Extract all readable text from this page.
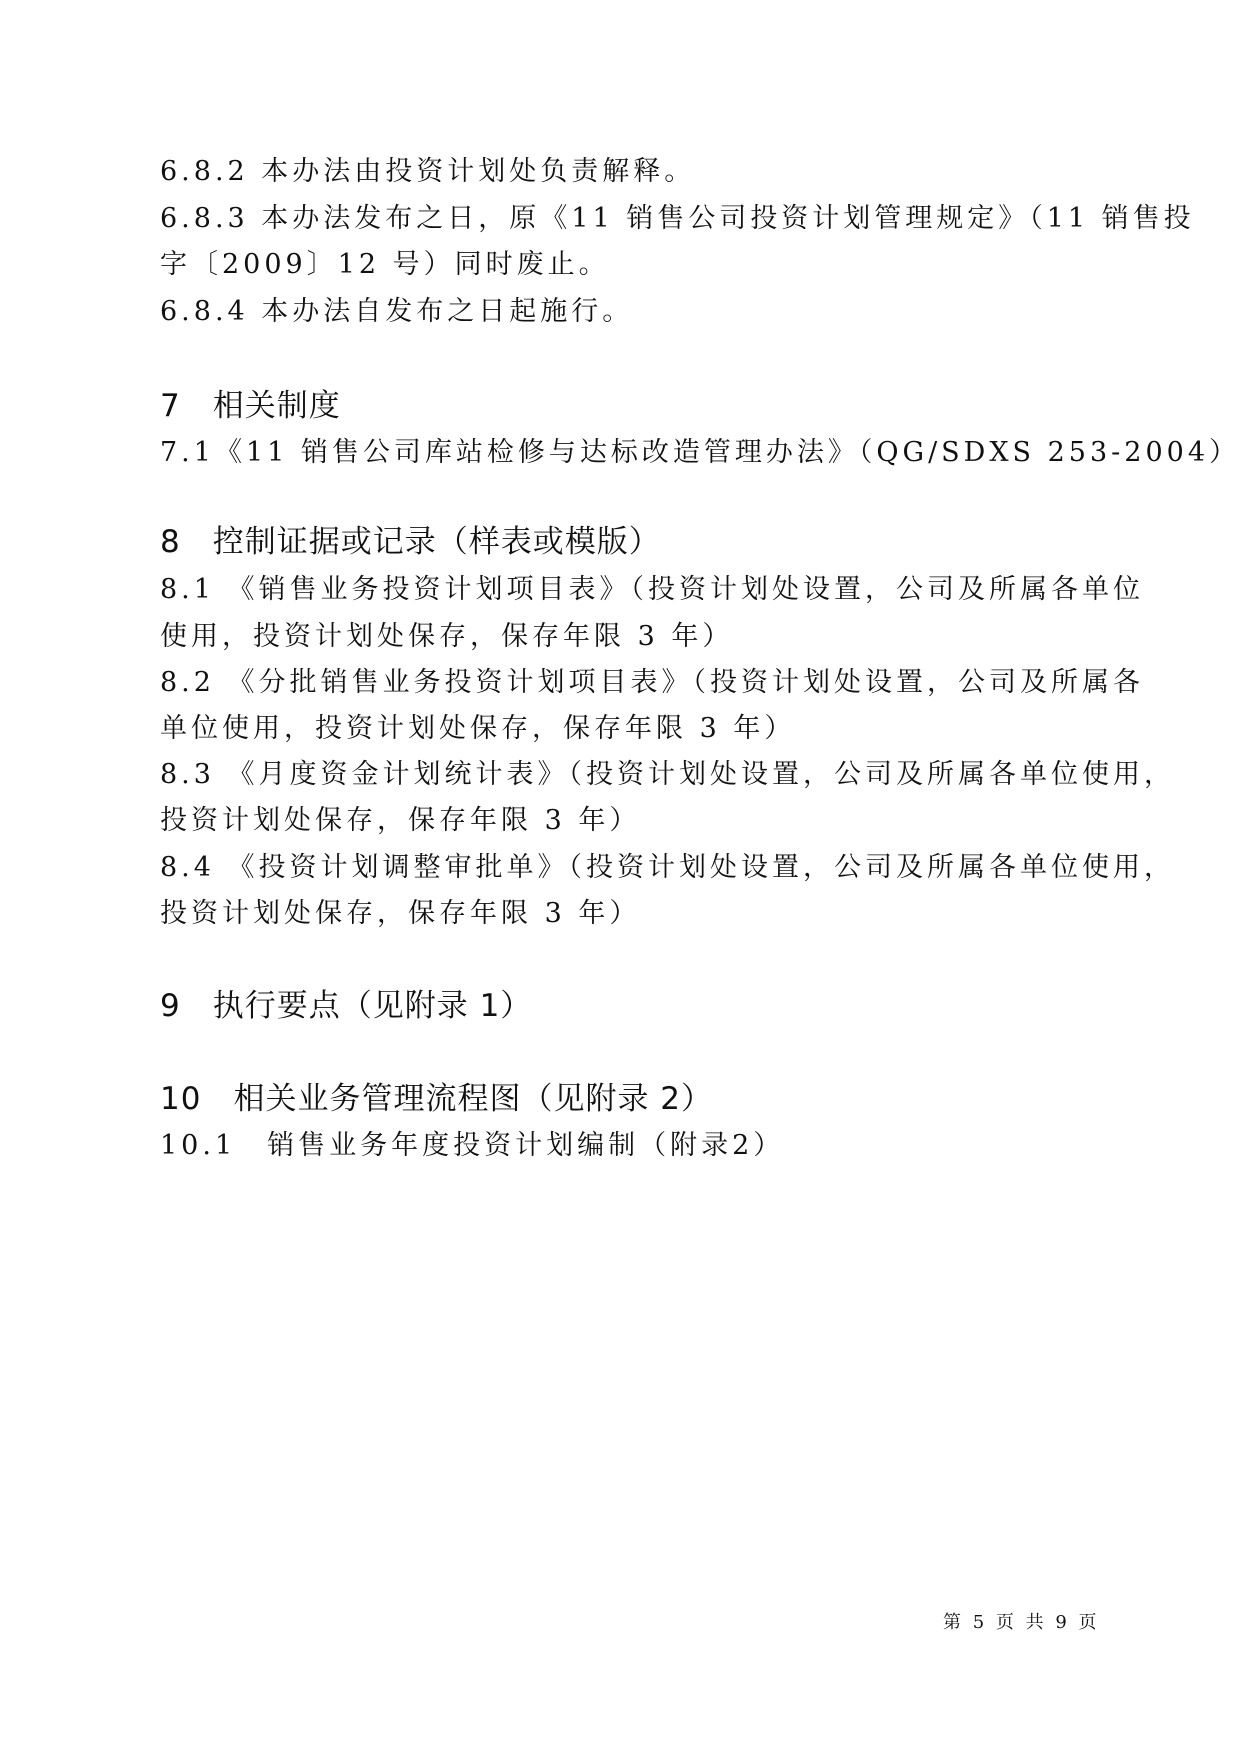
6.8.2 本办法由投资计划处负责解释。
6.8.3 本办法发布之日，原《11 销售公司投资计划管理规定》（11 销售投
字〔2009〕12 号）同时废止。
6.8.4 本办法自发布之日起施行。
7　相关制度
7.1《11 销售公司库站检修与达标改造管理办法》（QG/SDXS 253-2004）
8　控制证据或记录（样表或模版）
8.1 《销售业务投资计划项目表》（投资计划处设置，公司及所属各单位
使用，投资计划处保存，保存年限 3 年）
8.2 《分批销售业务投资计划项目表》（投资计划处设置，公司及所属各
单位使用，投资计划处保存，保存年限 3 年）
8.3 《月度资金计划统计表》（投资计划处设置，公司及所属各单位使用，
投资计划处保存，保存年限 3 年）
8.4 《投资计划调整审批单》（投资计划处设置，公司及所属各单位使用，
投资计划处保存，保存年限 3 年）
9　执行要点（见附录 1）
10　相关业务管理流程图（见附录 2）
10.1　销售业务年度投资计划编制（附录2）
第 5 页 共 9 页
